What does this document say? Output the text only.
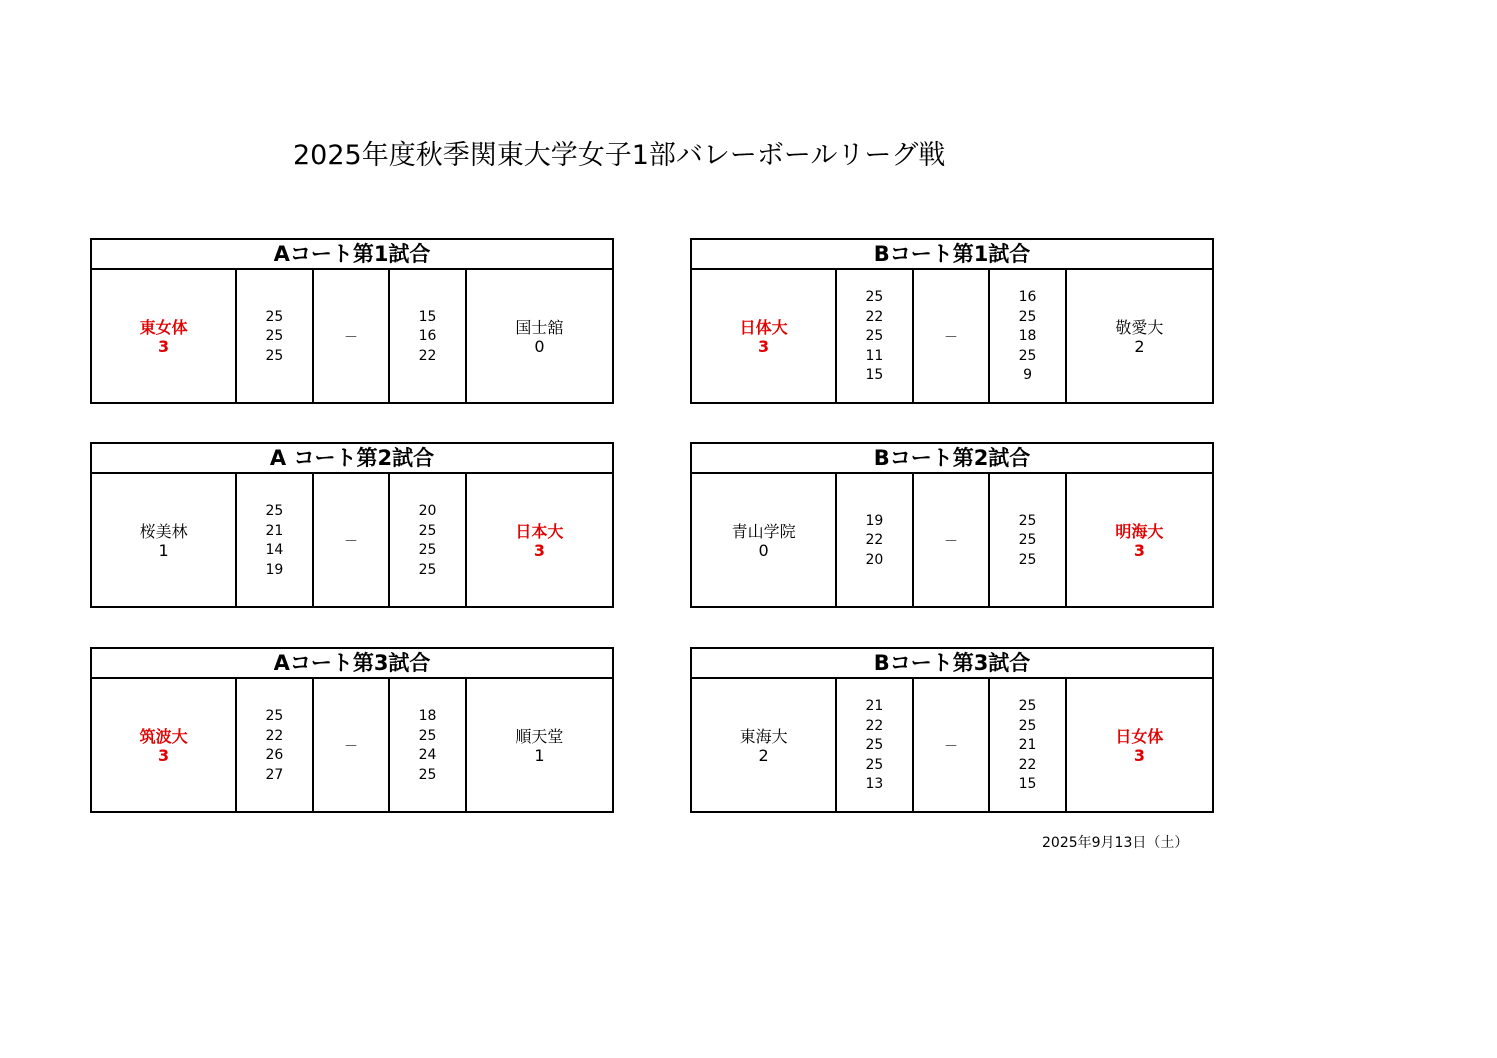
2025年度秋季関東大学女子1部バレーボールリーグ戦
Aコート第1試合
東女体
3
25
25
25
－
15
16
22
国士舘
0
Bコート第1試合
日体大
3
25
22
25
11
15
－
16
25
18
25
9
敬愛大
2
A コート第2試合
桜美林
1
25
21
14
19
－
20
25
25
25
日本大
3
Bコート第2試合
青山学院
0
19
22
20
－
25
25
25
明海大
3
Aコート第3試合
筑波大
3
25
22
26
27
－
18
25
24
25
順天堂
1
Bコート第3試合
東海大
2
21
22
25
25
13
－
25
25
21
22
15
日女体
3
2025年9月13日（土）
